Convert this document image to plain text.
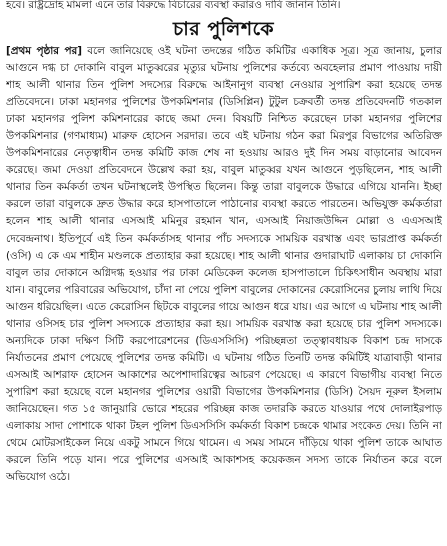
হবে। রাষ্ট্রদ্রোহ মামলা এনে তার বিরুদ্ধে বিচারের ব্যবস্থা করারও দাবি জানান তিনি।
চার পুলিশকে
[ প্রথম পৃষ্ঠার পর ] বলে জানিয়েছে ওই ঘটনা তদন্তের গঠিত কমিটির একাধিক সূত্র। সূত্র জানায়, চুলার আগুনে দগ্ধ চা দোকানি বাবুল মাতুব্বরের মৃত্যুর ঘটনায় পুলিশের কর্তব্যে অবহেলার প্রমাণ পাওয়ায় দায়ী শাহ আলী থানার তিন পুলিশ সদস্যের বিরুদ্ধে আইনানুগ ব্যবস্থা নেওয়ার সুপারিশ করা হয়েছে তদন্ত প্রতিবেদনে। ঢাকা মহানগর পুলিশের উপকমিশনার (ডিসিপ্লিন) টুটুল চক্রবর্তী তদন্ত প্রতিবেদনটি গতকাল ঢাকা মহানগর পুলিশ কমিশনারের কাছে জমা দেন। বিষয়টি নিশ্চিত করেছেন ঢাকা মহানগর পুলিশের উপকমিশনার (গণমাধ্যম) মারুফ হোসেন সরদার। তবে এই ঘটনায় গঠন করা মিরপুর বিভাগের অতিরিক্ত উপকমিশনারের নেতৃত্বাধীন তদন্ত কমিটি কাজ শেষ না হওয়ায় আরও দুই দিন সময় বাড়ানোর আবেদন করেছে। জমা দেওয়া প্রতিবেদনে উল্লেখ করা হয়, বাবুল মাতুব্বর যখন আগুনে পুড়ছিলেন, শাহ আলী থানার তিন কর্মকর্তা তখন ঘটনাস্থলেই উপস্থিত ছিলেন। কিন্তু তারা বাবুলকে উদ্ধারে এগিয়ে যাননি। ইচ্ছা করলে তারা বাবুলকে দ্রুত উদ্ধার করে হাসপাতালে পাঠানোর ব্যবস্থা করতে পারতেন। অভিযুক্ত কর্মকর্তারা হলেন শাহ আলী থানার এসআই মমিনুর রহমান খান, এসআই নিয়াজউদ্দিন মোল্লা ও এএসআই দেবেন্দ্রনাথ। ইতিপূর্বে এই তিন কর্মকর্তাসহ থানার পাঁচ সদস্যকে সাময়িক বরখাস্ত এবং ভারপ্রাপ্ত কর্মকর্তা (ওসি) এ কে এম শাহীন মণ্ডলকে প্রত্যাহার করা হয়েছে। শাহ আলী থানার গুদারাঘাট এলাকায় চা দোকানি বাবুল তার দোকানে অগ্নিদগ্ধ হওয়ার পর ঢাকা মেডিকেল কলেজ হাসপাতালে চিকিৎসাধীন অবস্থায় মারা যান। বাবুলের পরিবারের অভিযোগ, চাঁদা না পেয়ে পুলিশ বাবুলের দোকানের কেরোসিনের চুলায় লাথি দিয়ে আগুন ধরিয়েছিল। এতে কেরোসিন ছিটকে বাবুলের গায়ে আগুন ধরে যায়। এর আগে এ ঘটনায় শাহ আলী থানার ওসিসহ চার পুলিশ সদস্যকে প্রত্যাহার করা হয়। সাময়িক বরখাস্ত করা হয়েছে চার পুলিশ সদস্যকে। অন্যদিকে ঢাকা দক্ষিণ সিটি করপোরেশনের (ডিএসসিসি) পরিচ্ছন্নতা তত্ত্বাবধায়ক বিকাশ চন্দ্র দাসকে নির্যাতনের প্রমাণ পেয়েছে পুলিশের তদন্ত কমিটি। এ ঘটনায় গঠিত তিনটি তদন্ত কমিটিই যাত্রাবাড়ী থানার এসআই আশরাফ হোসেন আকাশের অপেশাদারিত্বের আচরণ পেয়েছে। এ কারণে বিভাগীয় ব্যবস্থা নিতে সুপারিশ করা হয়েছে বলে মহানগর পুলিশের ওয়ারী বিভাগের উপকমিশনার (ডিসি) সৈয়দ নূরুল ইসলাম জানিয়েছেন। গত ১৫ জানুয়ারি ভোরে শহরের পরিচ্ছন্ন কাজ তদারকি করতে যাওয়ার পথে দোলাইরপাড় এলাকায় সাদা পোশাকে থাকা টহল পুলিশ ডিএসসিসি কর্মকর্তা বিকাশ চন্দ্রকে থামার সংকেত দেয়। তিনি না থেমে মোটরসাইকেল নিয়ে একটু সামনে গিয়ে থামেন। এ সময় সামনে দাঁড়িয়ে থাকা পুলিশ তাকে আঘাত করলে তিনি পড়ে যান। পরে পুলিশের এসআই আকাশসহ কয়েকজন সদস্য তাকে নির্যাতন করে বলে অভিযোগ ওঠে।
